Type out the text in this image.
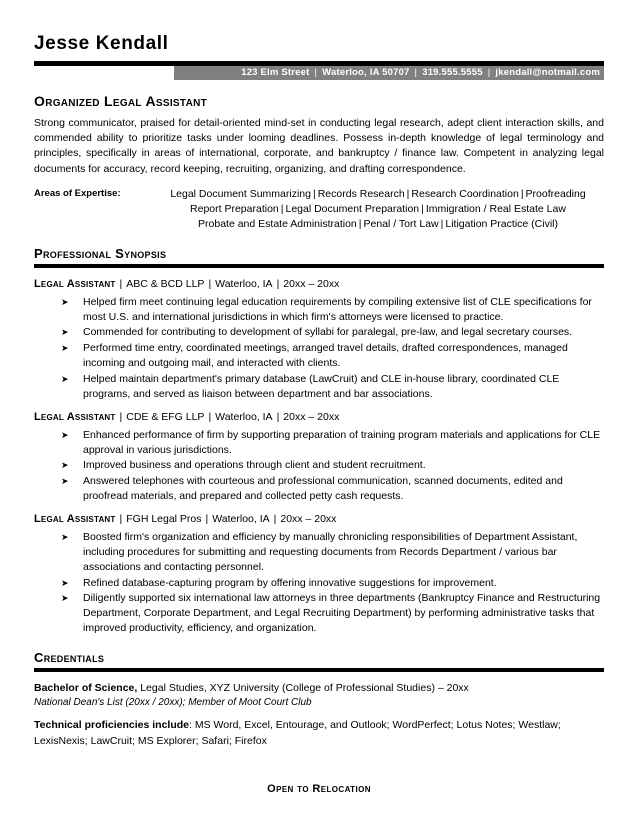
Jesse Kendall
123 Elm Street | Waterloo, IA 50707 | 319.555.5555 | jkendall@notmail.com
Organized Legal Assistant

Strong communicator, praised for detail-oriented mind-set in conducting legal research, adept client interaction skills, and commended ability to prioritize tasks under looming deadlines. Possess in-depth knowledge of legal terminology and principles, specifically in areas of international, corporate, and bankruptcy / finance law. Competent in analyzing legal documents for accuracy, record keeping, recruiting, organizing, and drafting correspondence.

Areas of Expertise:	Legal Document Summarizing | Records Research | Research Coordination | Proofreading
Report Preparation | Legal Document Preparation | Immigration / Real Estate Law
Probate and Estate Administration | Penal / Tort Law | Litigation Practice (Civil)
Professional Synopsis
Legal Assistant | ABC & BCD LLP | Waterloo, IA | 20xx – 20xx
➤ Helped firm meet continuing legal education requirements by compiling extensive list of CLE specifications for most U.S. and international jurisdictions in which firm's attorneys were licensed to practice.
➤ Commended for contributing to development of syllabi for paralegal, pre-law, and legal secretary courses.
➤ Performed time entry, coordinated meetings, arranged travel details, drafted correspondences, managed incoming and outgoing mail, and interacted with clients.
➤ Helped maintain department's primary database (LawCruit) and CLE in-house library, coordinated CLE programs, and served as liaison between department and bar associations.
Legal Assistant | CDE & EFG LLP | Waterloo, IA | 20xx – 20xx
➤ Enhanced performance of firm by supporting preparation of training program materials and applications for CLE approval in various jurisdictions.
➤ Improved business and operations through client and student recruitment.
➤ Answered telephones with courteous and professional communication, scanned documents, edited and proofread materials, and prepared and collected petty cash requests.
Legal Assistant | FGH Legal Pros | Waterloo, IA | 20xx – 20xx
➤ Boosted firm's organization and efficiency by manually chronicling responsibilities of Department Assistant, including procedures for submitting and requesting documents from Records Department / various bar associations and contacting personnel.
➤ Refined database-capturing program by offering innovative suggestions for improvement.
➤ Diligently supported six international law attorneys in three departments (Bankruptcy Finance and Restructuring Department, Corporate Department, and Legal Recruiting Department) by performing administrative tasks that improved productivity, efficiency, and organization.
Credentials
Bachelor of Science, Legal Studies, XYZ University (College of Professional Studies) – 20xx
National Dean's List (20xx / 20xx); Member of Moot Court Club
Technical proficiencies include: MS Word, Excel, Entourage, and Outlook; WordPerfect; Lotus Notes; Westlaw; LexisNexis; LawCruit; MS Explorer; Safari; Firefox
Open to Relocation
